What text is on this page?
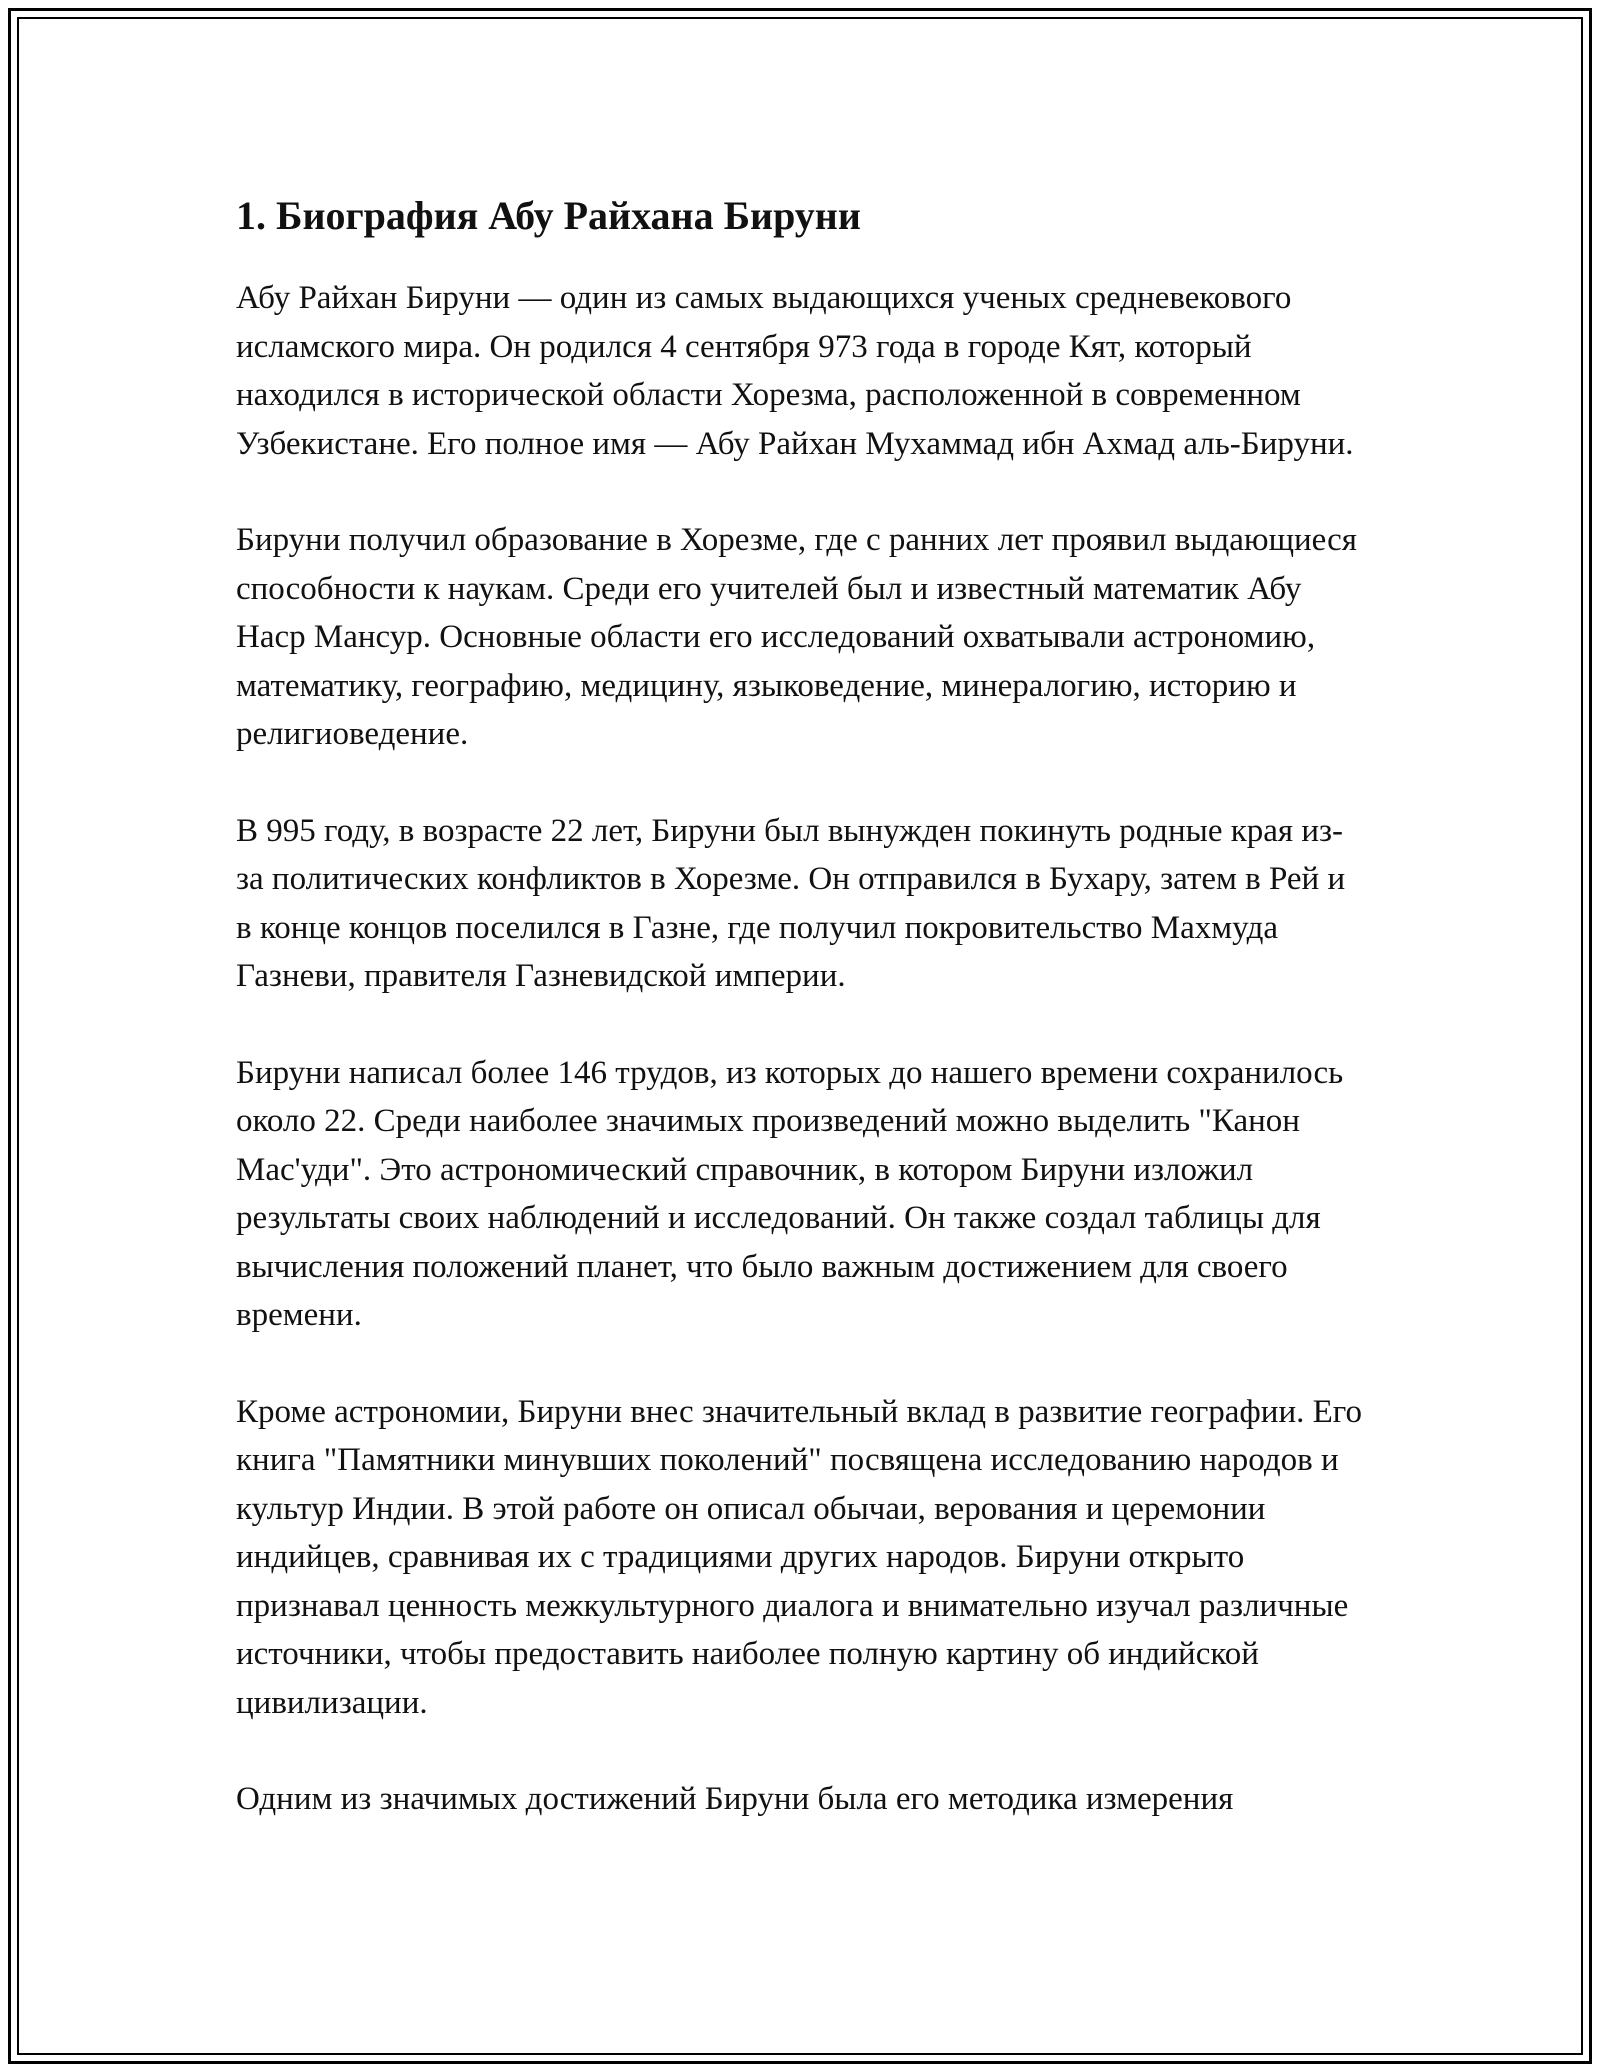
1. Биография Абу Райхана Бируни

Абу Райхан Бируни — один из самых выдающихся ученых средневекового исламского мира. Он родился 4 сентября 973 года в городе Кят, который находился в исторической области Хорезма, расположенной в современном Узбекистане. Его полное имя — Абу Райхан Мухаммад ибн Ахмад аль-Бируни.

Бируни получил образование в Хорезме, где с ранних лет проявил выдающиеся способности к наукам. Среди его учителей был и известный математик Абу Наср Мансур. Основные области его исследований охватывали астрономию, математику, географию, медицину, языковедение, минералогию, историю и религиоведение.

В 995 году, в возрасте 22 лет, Бируни был вынужден покинуть родные края из-за политических конфликтов в Хорезме. Он отправился в Бухару, затем в Рей и в конце концов поселился в Газне, где получил покровительство Махмуда Газневи, правителя Газневидской империи.

Бируни написал более 146 трудов, из которых до нашего времени сохранилось около 22. Среди наиболее значимых произведений можно выделить "Канон Мас'уди". Это астрономический справочник, в котором Бируни изложил результаты своих наблюдений и исследований. Он также создал таблицы для вычисления положений планет, что было важным достижением для своего времени.

Кроме астрономии, Бируни внес значительный вклад в развитие географии. Его книга "Памятники минувших поколений" посвящена исследованию народов и культур Индии. В этой работе он описал обычаи, верования и церемонии индийцев, сравнивая их с традициями других народов. Бируни открыто признавал ценность межкультурного диалога и внимательно изучал различные источники, чтобы предоставить наиболее полную картину об индийской цивилизации.

Одним из значимых достижений Бируни была его методика измерения
